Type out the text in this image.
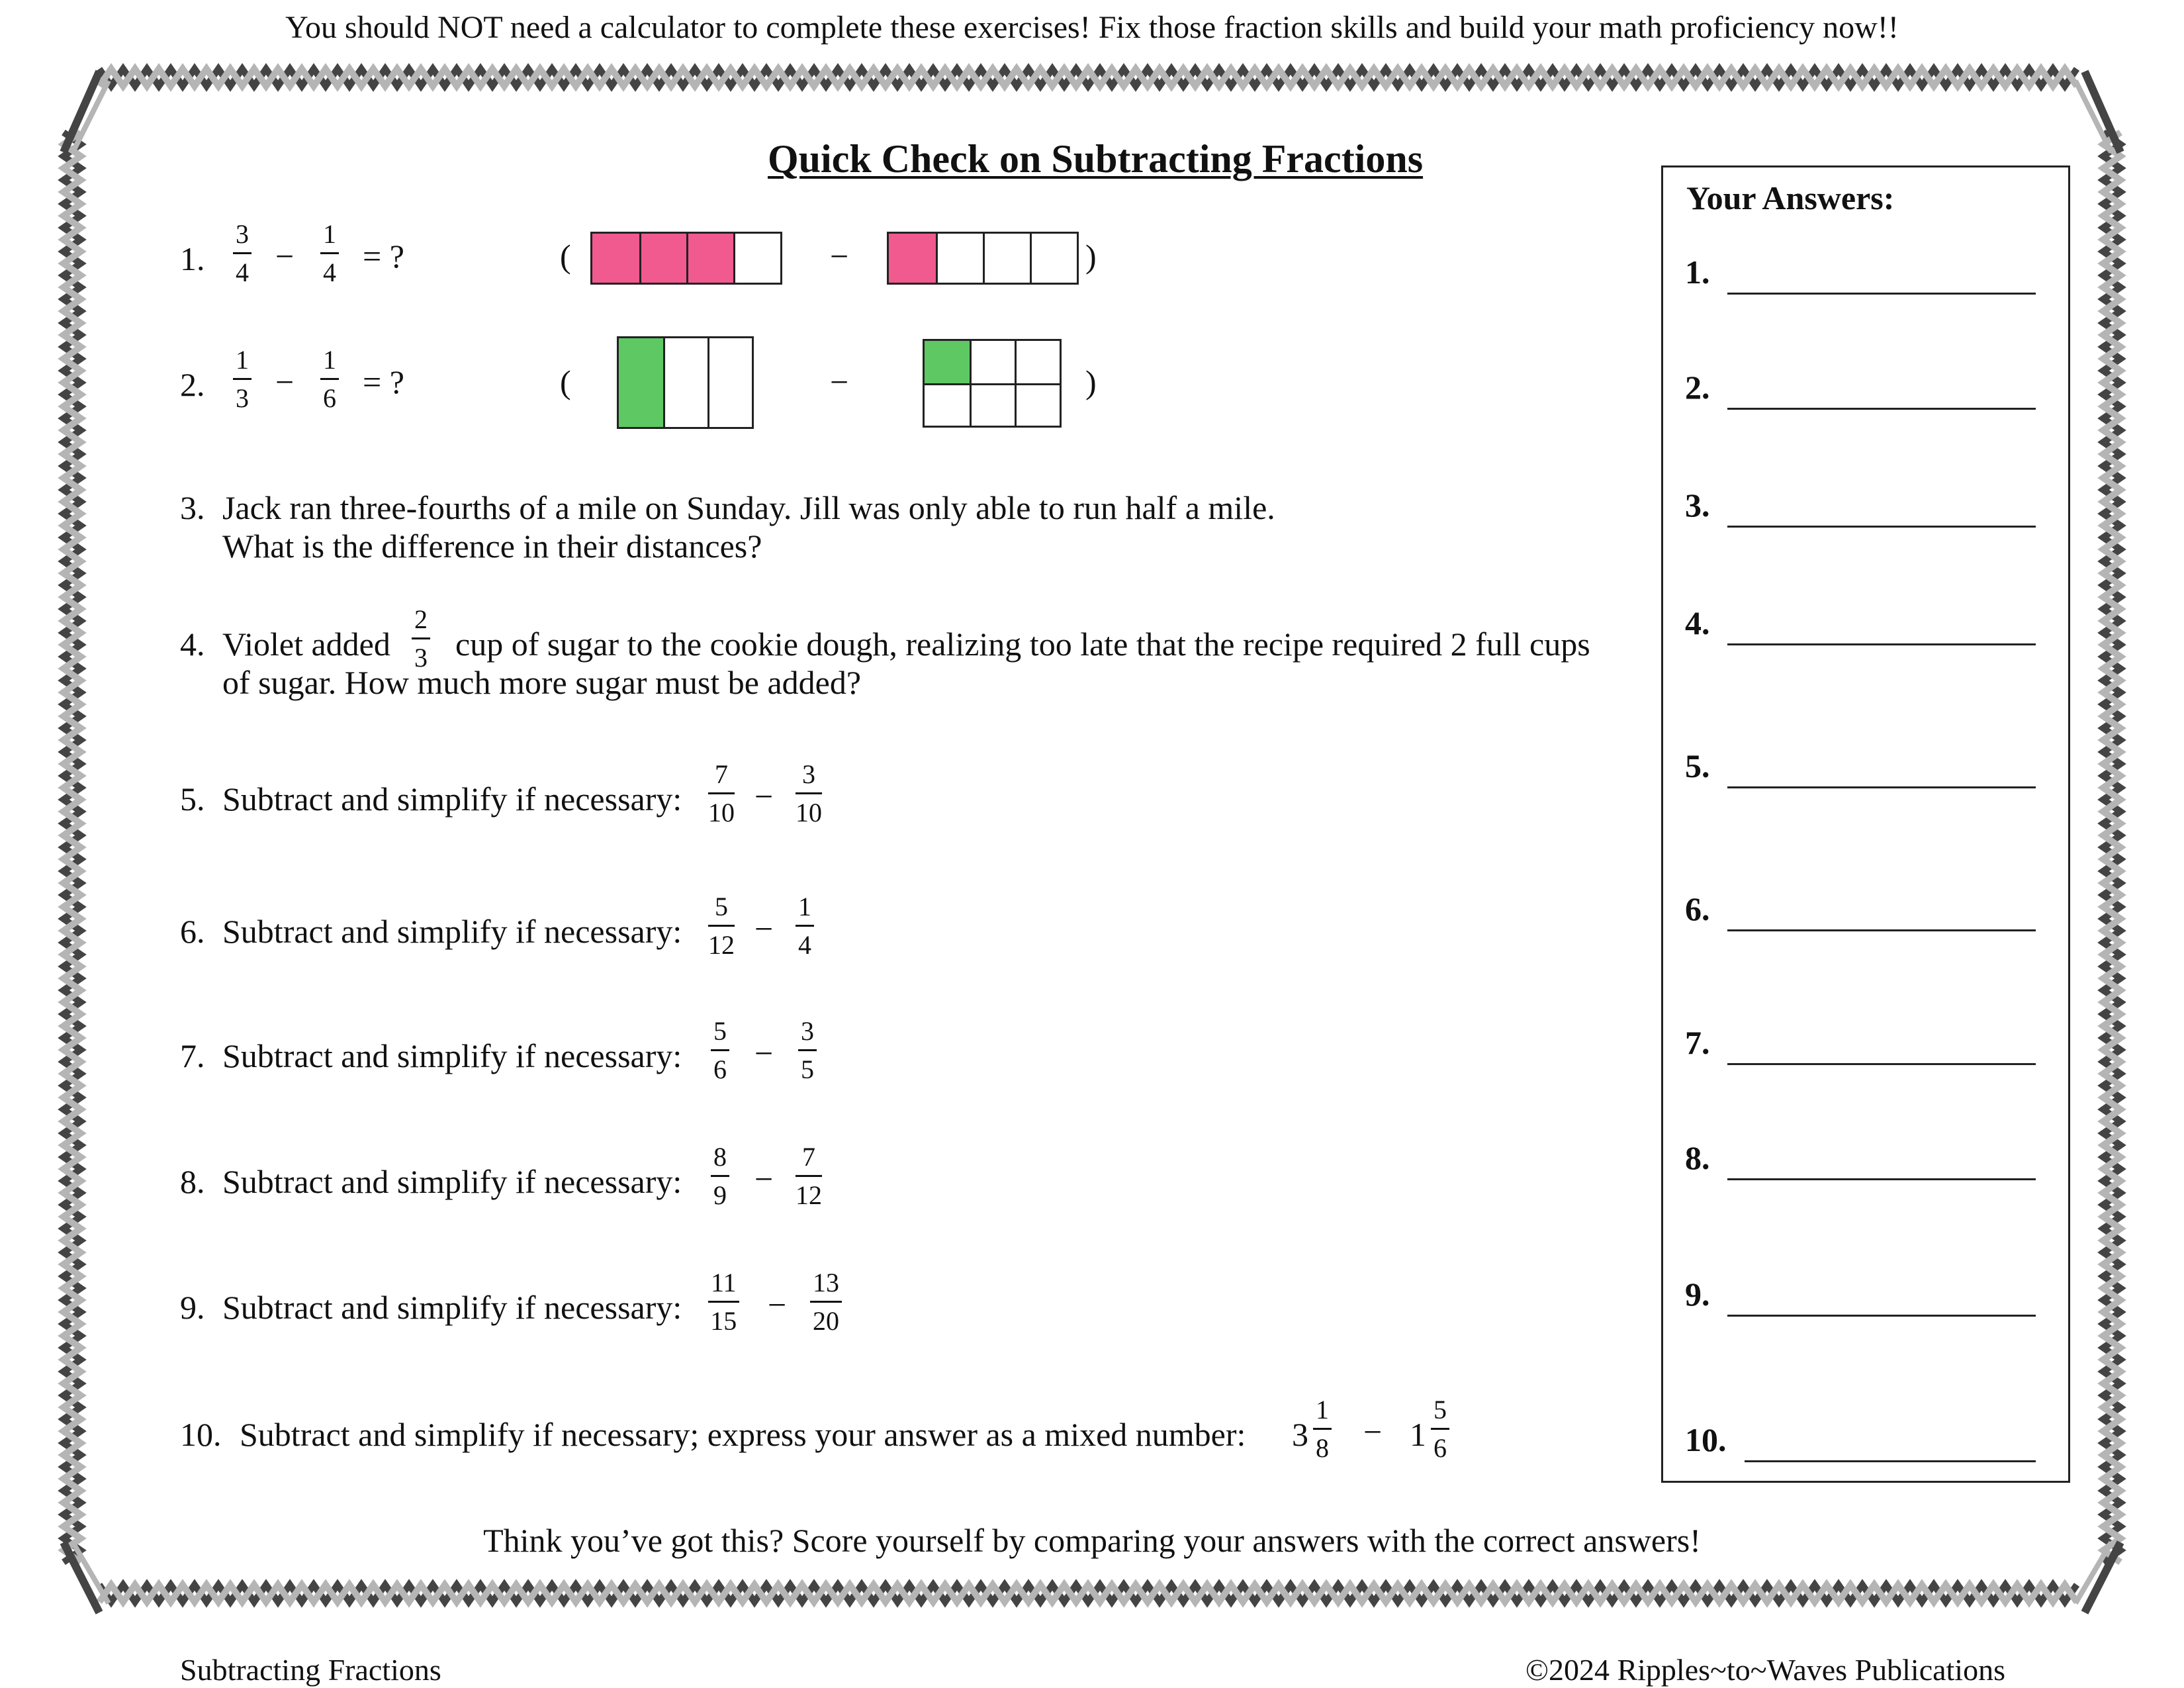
You should NOT need a calculator to complete these exercises! Fix those fraction skills and build your math proficiency now!!
Quick Check on Subtracting Fractions
1. $\frac{3}{4} - \frac{1}{4}$ = ?	(	−	)
2. $\frac{1}{3} - \frac{1}{6}$ = ?	(	−	)
3. Jack ran three-fourths of a mile on Sunday. Jill was only able to run half a mile.
What is the difference in their distances?
4. Violet added $\frac{2}{3}$ cup of sugar to the cookie dough, realizing too late that the recipe required 2 full cups
of sugar. How much more sugar must be added?
5. Subtract and simplify if necessary: $\frac{7}{10} - \frac{3}{10}$
6. Subtract and simplify if necessary: $\frac{5}{12} - \frac{1}{4}$
7. Subtract and simplify if necessary: $\frac{5}{6} - \frac{3}{5}$
8. Subtract and simplify if necessary: $\frac{8}{9} - \frac{7}{12}$
9. Subtract and simplify if necessary: $\frac{11}{15} - \frac{13}{20}$
10. Subtract and simplify if necessary; express your answer as a mixed number: $3 \frac{1}{8} - 1 \frac{5}{6}$
Your Answers:
1.
2.
3.
4.
5.
6.
7.
8.
9.
10.
Think you’ve got this? Score yourself by comparing your answers with the correct answers!
Subtracting Fractions	©2024 Ripples~to~Waves Publications
